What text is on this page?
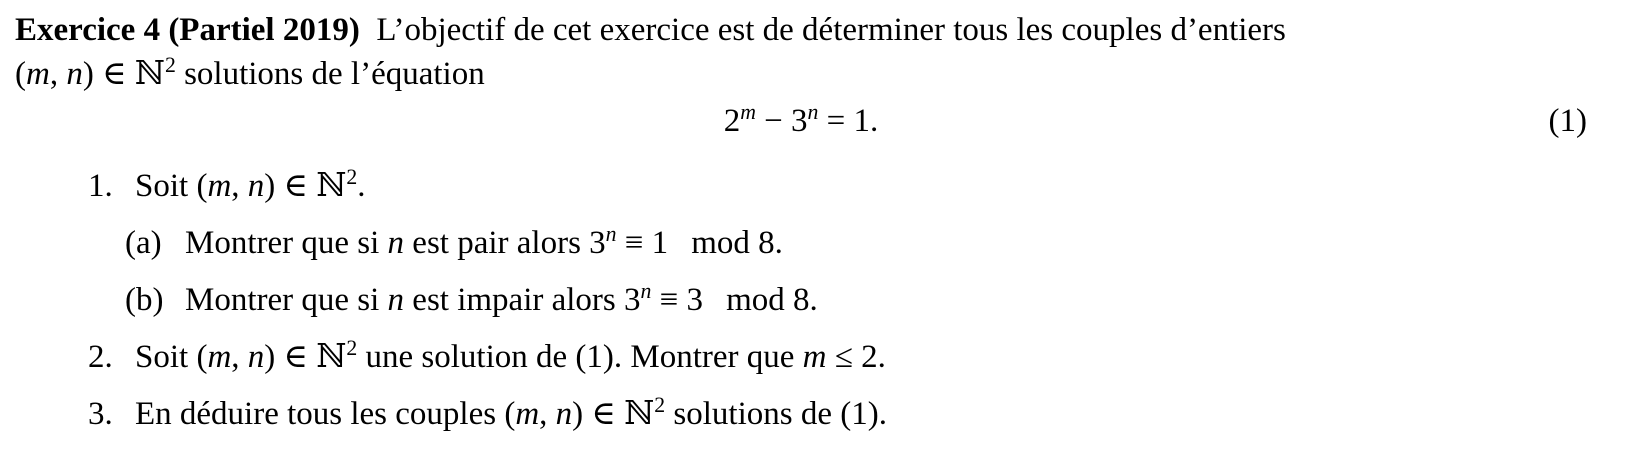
Exercice 4 (Partiel 2019) L’objectif de cet exercice est de déterminer tous les couples d’entiers
(m, n) ∈ ℕ$^2$ solutions de l’équation
$2^m - 3^n = 1$.	(1)
1. Soit (m, n) ∈ ℕ$^2$.
(a) Montrer que si n est pair alors $3^n \equiv 1$  mod 8.
(b) Montrer que si n est impair alors $3^n \equiv 3$  mod 8.
2. Soit (m, n) ∈ ℕ$^2$ une solution de (1). Montrer que m ≤ 2.
3. En déduire tous les couples (m, n) ∈ ℕ$^2$ solutions de (1).
